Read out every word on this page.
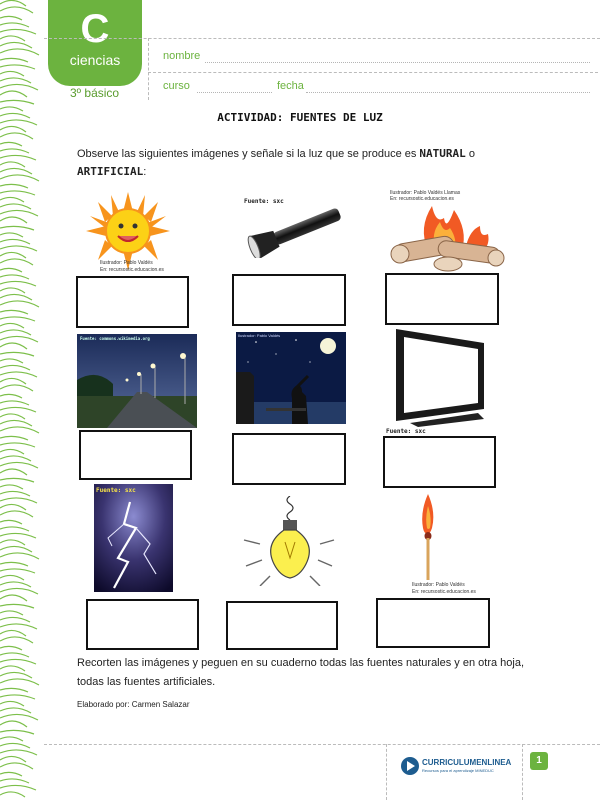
C
ciencias
3º básico
nombre
curso	fecha
ACTIVIDAD: FUENTES DE LUZ
Observe las siguientes imágenes y señale si la luz que se produce es NATURAL o
ARTIFICIAL:
Ilustrador: Pablo Valdés
En: recursostic.educacion.es
Fuente: sxc
Ilustrador: Pablo Valdés Llamas
En: recursostic.educacion.es
Fuente: commons.wikimedia.org
Ilustrador: Pablo Valdés
Fuente: sxc
Fuente: sxc
Ilustrador: Pablo Valdés
En: recursostic.educacion.es
Recorten las imágenes y peguen en su cuaderno todas las fuentes naturales y en otra hoja, todas las fuentes artificiales.
Elaborado por: Carmen Salazar
CURRICULUMENLINEA
Recursos para el aprendizaje MINEDUC
1
